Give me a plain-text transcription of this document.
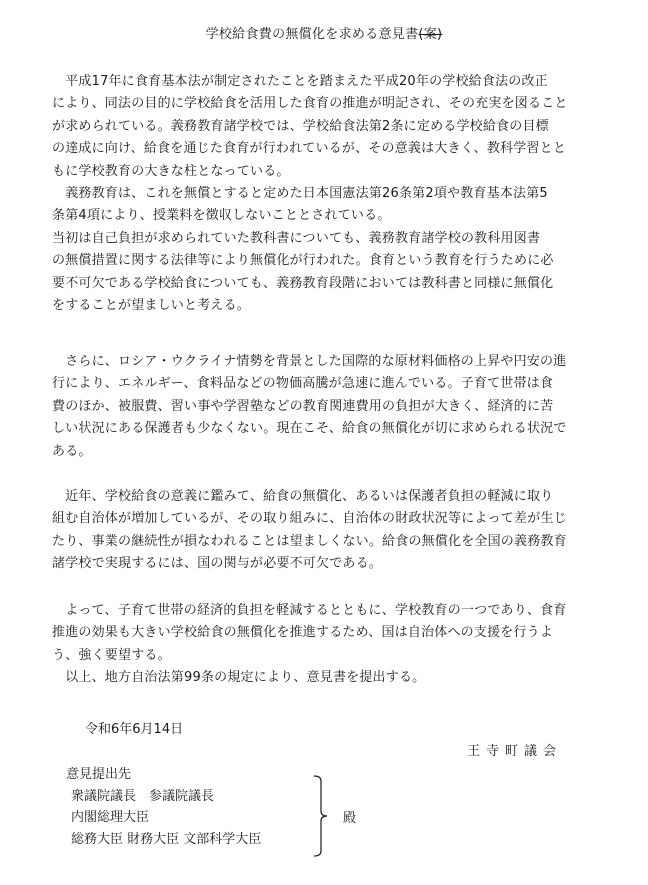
学校給食費の無償化を求める意見書(案)
　平成17年に食育基本法が制定されたことを踏まえた平成20年の学校給食法の改正
により、同法の目的に学校給食を活用した食育の推進が明記され、その充実を図ること
が求められている。義務教育諸学校では、学校給食法第2条に定める学校給食の目標
の達成に向け、給食を通じた食育が行われているが、その意義は大きく、教科学習とと
もに学校教育の大きな柱となっている。
　義務教育は、これを無償とすると定めた日本国憲法第26条第2項や教育基本法第5
条第4項により、授業料を徴収しないこととされている。
当初は自己負担が求められていた教科書についても、義務教育諸学校の教科用図書
の無償措置に関する法律等により無償化が行われた。食育という教育を行うために必
要不可欠である学校給食についても、義務教育段階においては教科書と同様に無償化
をすることが望ましいと考える。
　さらに、ロシア・ウクライナ情勢を背景とした国際的な原材料価格の上昇や円安の進
行により、エネルギー、食料品などの物価高騰が急速に進んでいる。子育て世帯は食
費のほか、被服費、習い事や学習塾などの教育関連費用の負担が大きく、経済的に苦
しい状況にある保護者も少なくない。現在こそ、給食の無償化が切に求められる状況で
ある。
　近年、学校給食の意義に鑑みて、給食の無償化、あるいは保護者負担の軽減に取り
組む自治体が増加しているが、その取り組みに、自治体の財政状況等によって差が生じ
たり、事業の継続性が損なわれることは望ましくない。給食の無償化を全国の義務教育
諸学校で実現するには、国の関与が必要不可欠である。
　よって、子育て世帯の経済的負担を軽減するとともに、学校教育の一つであり、食育
推進の効果も大きい学校給食の無償化を推進するため、国は自治体への支援を行うよ
う、強く要望する。
　以上、地方自治法第99条の規定により、意見書を提出する。
令和6年6月14日
王寺町議会
意見提出先
衆議院議長　参議院議長
内閣総理大臣
総務大臣 財務大臣 文部科学大臣
殿
